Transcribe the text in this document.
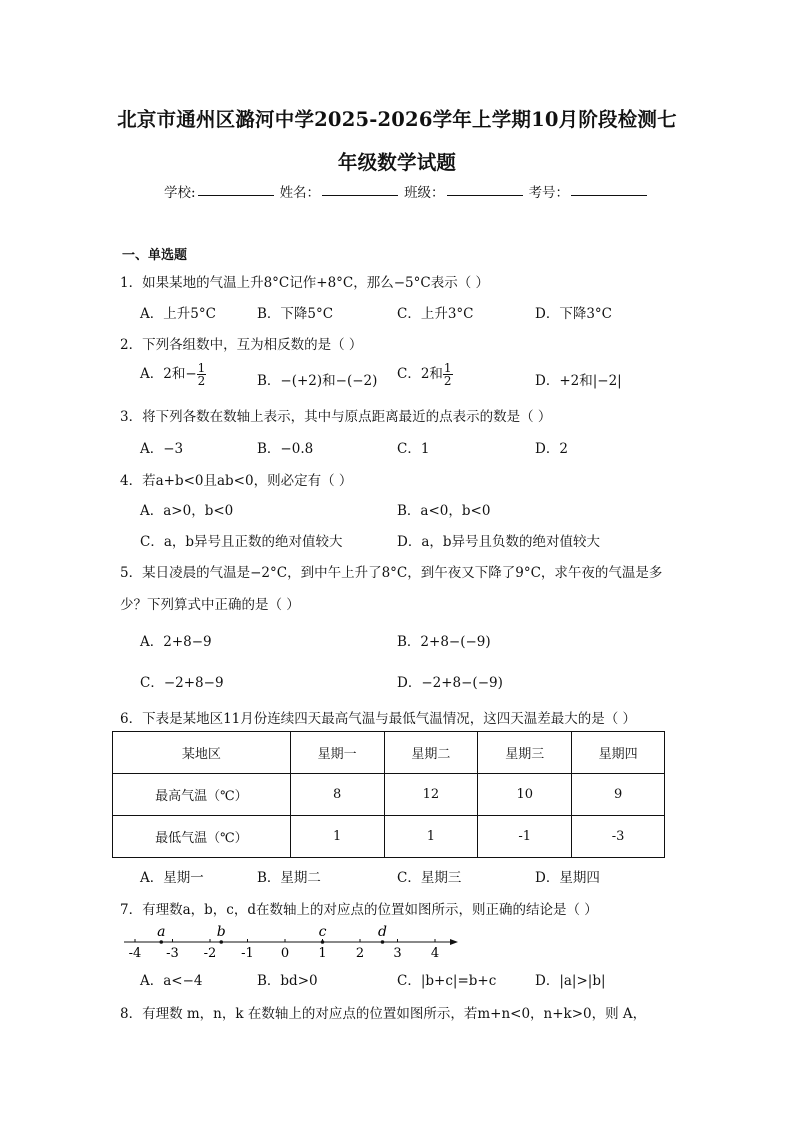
北京市通州区潞河中学2025-2026学年上学期10月阶段检测七
年级数学试题
学校:	姓名：	班级：	考号：
一、单选题
1．如果某地的气温上升8°C记作+8°C，那么−5°C表示（ ）
A．上升5°C	B．下降5°C	C．上升3°C	D．下降3°C
2．下列各组数中，互为相反数的是（ ）
A．2和− $\frac{1}{2}$	B．−(+2)和−(−2) C．2和 $\frac{1}{2}$	D．+2和|−2|
3．将下列各数在数轴上表示，其中与原点距离最近的点表示的数是（ ）
A．−3	B．−0.8	C．1	D．2
4．若a+b<0且ab<0，则必定有（ ）
A．a>0，b<0	B．a<0，b<0
C．a，b异号且正数的绝对值较大	D．a，b异号且负数的绝对值较大
5．某日凌晨的气温是−2°C，到中午上升了8°C，到午夜又下降了9°C，求午夜的气温是多
少？下列算式中正确的是（ ）
A．2+8−9	B．2+8−(−9)
C．−2+8−9	D．−2+8−(−9)
6．下表是某地区11月份连续四天最高气温与最低气温情况，这四天温差最大的是（ ）
某地区	星期一	星期二	星期三	星期四
最高气温（℃）	8	12	10	9
最低气温（℃）	1	1	-1	-3
A．星期一	B．星期二	C．星期三	D．星期四
7．有理数a，b，c，d在数轴上的对应点的位置如图所示，则正确的结论是（ ）
-4 -3 -2 -1 0 1 2 3 4
a	b	c	d
A．a<−4	B．bd>0	C．|b+c|=b+c	D．|a|>|b|
8．有理数 m，n，k 在数轴上的对应点的位置如图所示，若m+n<0，n+k>0，则 A，
